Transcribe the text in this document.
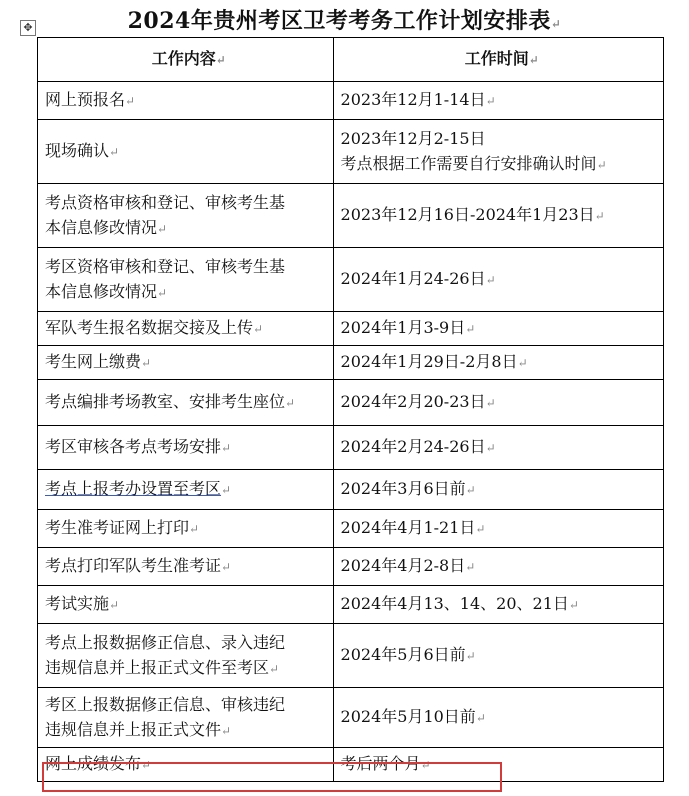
2024年贵州考区卫考考务工作计划安排表↵
✥
工作内容↵	工作时间↵

网上预报名↵	2023年12月1-14日↵

现场确认↵	2023年12月2-15日
考点根据工作需要自行安排确认时间↵

考点资格审核和登记、审核考生基
本信息修改情况↵	2023年12月16日-2024年1月23日↵

考区资格审核和登记、审核考生基
本信息修改情况↵	2024年1月24-26日↵

军队考生报名数据交接及上传↵	2024年1月3-9日↵

考生网上缴费↵	2024年1月29日-2月8日↵

考点编排考场教室、安排考生座位↵	2024年2月20-23日↵

考区审核各考点考场安排↵	2024年2月24-26日↵

考点上报考办设置至考区↵	2024年3月6日前↵

考生准考证网上打印↵	2024年4月1-21日↵

考点打印军队考生准考证↵	2024年4月2-8日↵

考试实施↵	2024年4月13、14、20、21日↵

考点上报数据修正信息、录入违纪
违规信息并上报正式文件至考区↵	2024年5月6日前↵

考区上报数据修正信息、审核违纪
违规信息并上报正式文件↵	2024年5月10日前↵

网上成绩发布↵	考后两个月↵
